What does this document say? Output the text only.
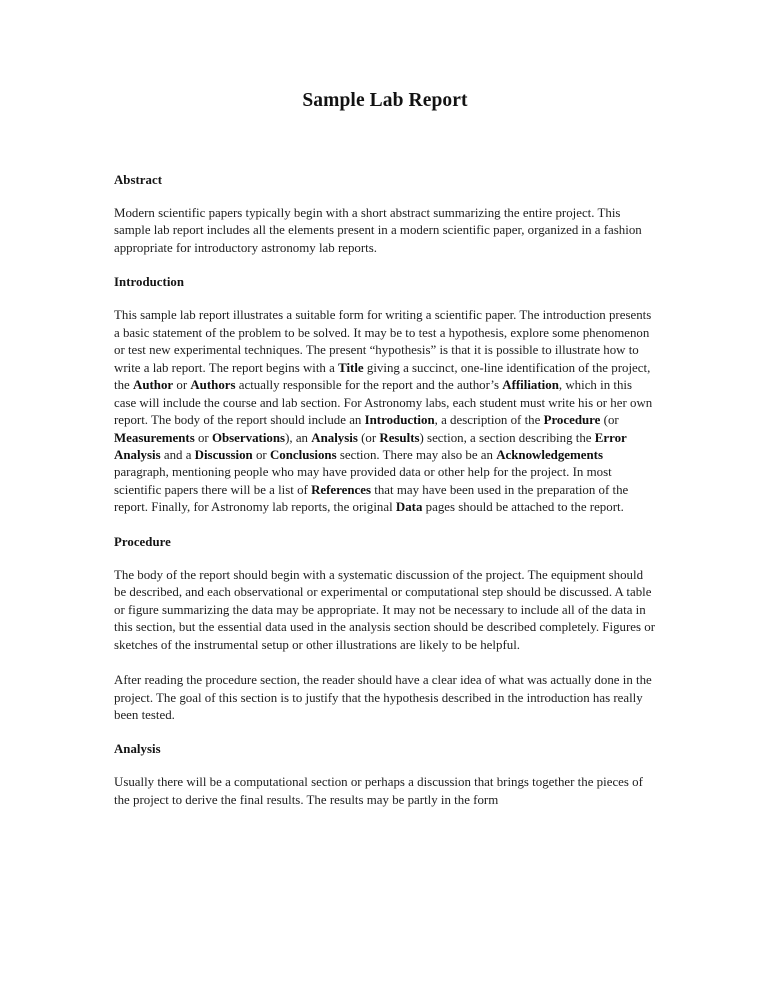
Sample Lab Report
Abstract

Modern scientific papers typically begin with a short abstract summarizing the entire project. This sample lab report includes all the elements present in a modern scientific paper, organized in a fashion appropriate for introductory astronomy lab reports.

Introduction

This sample lab report illustrates a suitable form for writing a scientific paper. The introduction presents a basic statement of the problem to be solved. It may be to test a hypothesis, explore some phenomenon or test new experimental techniques. The present “hypothesis” is that it is possible to illustrate how to write a lab report. The report begins with a Title giving a succinct, one-line identification of the project, the Author or Authors actually responsible for the report and the author’s Affiliation, which in this case will include the course and lab section. For Astronomy labs, each student must write his or her own report. The body of the report should include an Introduction, a description of the Procedure (or Measurements or Observations), an Analysis (or Results) section, a section describing the Error Analysis and a Discussion or Conclusions section. There may also be an Acknowledgements paragraph, mentioning people who may have provided data or other help for the project. In most scientific papers there will be a list of References that may have been used in the preparation of the report. Finally, for Astronomy lab reports, the original Data pages should be attached to the report.

Procedure

The body of the report should begin with a systematic discussion of the project. The equipment should be described, and each observational or experimental or computational step should be discussed. A table or figure summarizing the data may be appropriate. It may not be necessary to include all of the data in this section, but the essential data used in the analysis section should be described completely. Figures or sketches of the instrumental setup or other illustrations are likely to be helpful.

After reading the procedure section, the reader should have a clear idea of what was actually done in the project. The goal of this section is to justify that the hypothesis described in the introduction has really been tested.

Analysis

Usually there will be a computational section or perhaps a discussion that brings together the pieces of the project to derive the final results. The results may be partly in the form
